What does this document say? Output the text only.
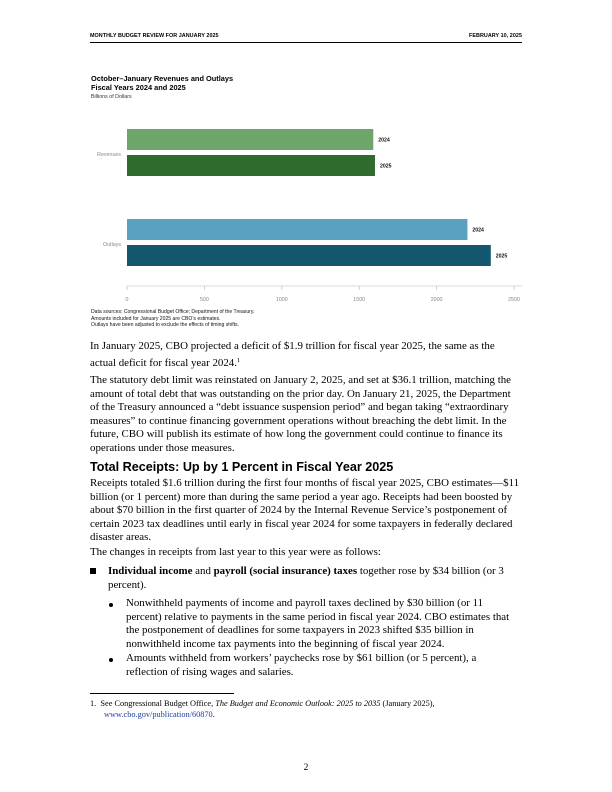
MONTHLY BUDGET REVIEW FOR JANUARY 2025	FEBRUARY 10, 2025
October–January Revenues and Outlays
Fiscal Years 2024 and 2025
Billions of Dollars
Revenues
2024
2025
Outlays
2024
2025
0	500	1000	1500	2000	2500
Data sources: Congressional Budget Office; Department of the Treasury.
Amounts included for January 2025 are CBO’s estimates.
Outlays have been adjusted to exclude the effects of timing shifts.

In January 2025, CBO projected a deficit of $1.9 trillion for fiscal year 2025, the same as the actual deficit for fiscal year 2024.$^1$

The statutory debt limit was reinstated on January 2, 2025, and set at $36.1 trillion, matching the amount of total debt that was outstanding on the prior day. On January 21, 2025, the Department of the Treasury announced a “debt issuance suspension period” and began taking “extraordinary measures” to continue financing government operations without breaching the debt limit. In the future, CBO will publish its estimate of how long the government could continue to finance its operations under those measures.

Total Receipts: Up by 1 Percent in Fiscal Year 2025

Receipts totaled $1.6 trillion during the first four months of fiscal year 2025, CBO estimates—$11 billion (or 1 percent) more than during the same period a year ago. Receipts had been boosted by about $70 billion in the first quarter of 2024 by the Internal Revenue Service’s postponement of certain 2023 tax deadlines until early in fiscal year 2024 for some taxpayers in federally declared disaster areas.

The changes in receipts from last year to this year were as follows:

Individual income and payroll (social insurance) taxes together rose by $34 billion (or 3 percent).

Nonwithheld payments of income and payroll taxes declined by $30 billion (or 11 percent) relative to payments in the same period in fiscal year 2024. CBO estimates that the postponement of deadlines for some taxpayers in 2023 shifted $35 billion in nonwithheld income tax payments into the beginning of fiscal year 2024.

Amounts withheld from workers’ paychecks rose by $61 billion (or 5 percent), a reflection of rising wages and salaries.

1. See Congressional Budget Office, The Budget and Economic Outlook: 2025 to 2035 (January 2025),
www.cbo.gov/publication/60870.
2
